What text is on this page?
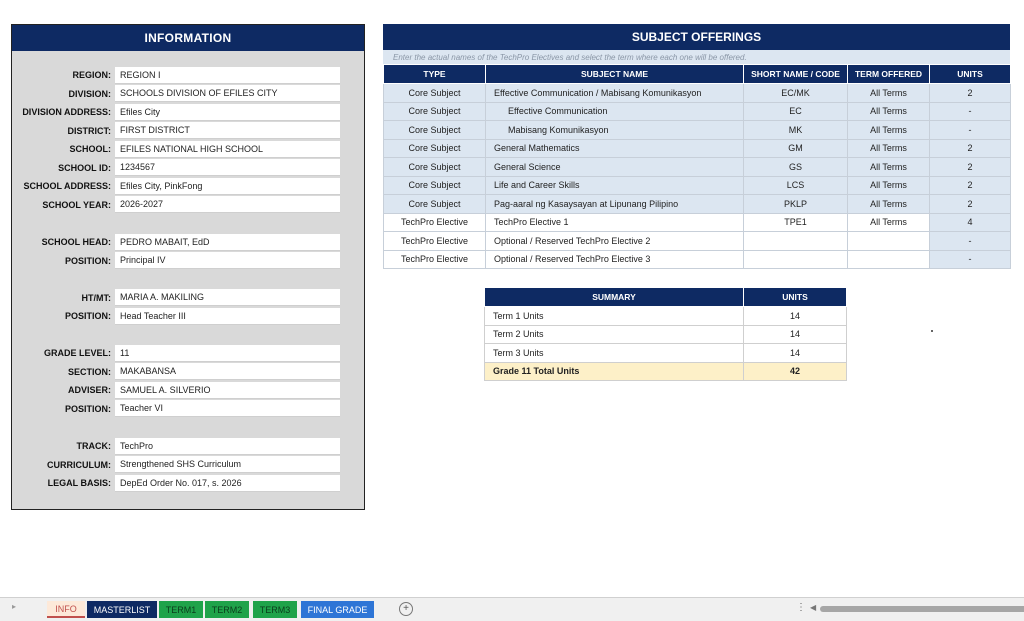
INFORMATION
REGION:	REGION I
DIVISION:	SCHOOLS DIVISION OF EFILES CITY
DIVISION ADDRESS:	Efiles City
DISTRICT:	FIRST DISTRICT
SCHOOL:	EFILES NATIONAL HIGH SCHOOL
SCHOOL ID:	1234567
SCHOOL ADDRESS:	Efiles City, PinkFong
SCHOOL YEAR:	2026-2027
SCHOOL HEAD:	PEDRO MABAIT, EdD
POSITION:	Principal IV
HT/MT:	MARIA A. MAKILING
POSITION:	Head Teacher III
GRADE LEVEL:	11
SECTION:	MAKABANSA
ADVISER:	SAMUEL A. SILVERIO
POSITION:	Teacher VI
TRACK:	TechPro
CURRICULUM:	Strengthened SHS Curriculum
LEGAL BASIS:	DepEd Order No. 017, s. 2026
SUBJECT OFFERINGS
Enter the actual names of the TechPro Electives and select the term where each one will be offered.
TYPE	SUBJECT NAME	SHORT NAME / CODE	TERM OFFERED	UNITS
Core Subject	Effective Communication / Mabisang Komunikasyon	EC/MK	All Terms	2
Core Subject	Effective Communication	EC	All Terms	-
Core Subject	Mabisang Komunikasyon	MK	All Terms	-
Core Subject	General Mathematics	GM	All Terms	2
Core Subject	General Science	GS	All Terms	2
Core Subject	Life and Career Skills	LCS	All Terms	2
Core Subject	Pag-aaral ng Kasaysayan at Lipunang Pilipino	PKLP	All Terms	2
TechPro Elective	TechPro Elective 1	TPE1	All Terms	4
TechPro Elective	Optional / Reserved TechPro Elective 2			-
TechPro Elective	Optional / Reserved TechPro Elective 3			-
SUMMARY	UNITS
Term 1 Units	14
Term 2 Units	14
Term 3 Units	14
Grade 11 Total Units	42
▸	INFO	MASTERLIST	TERM1	TERM2	TERM3	FINAL GRADE	+	⋮ ◀
